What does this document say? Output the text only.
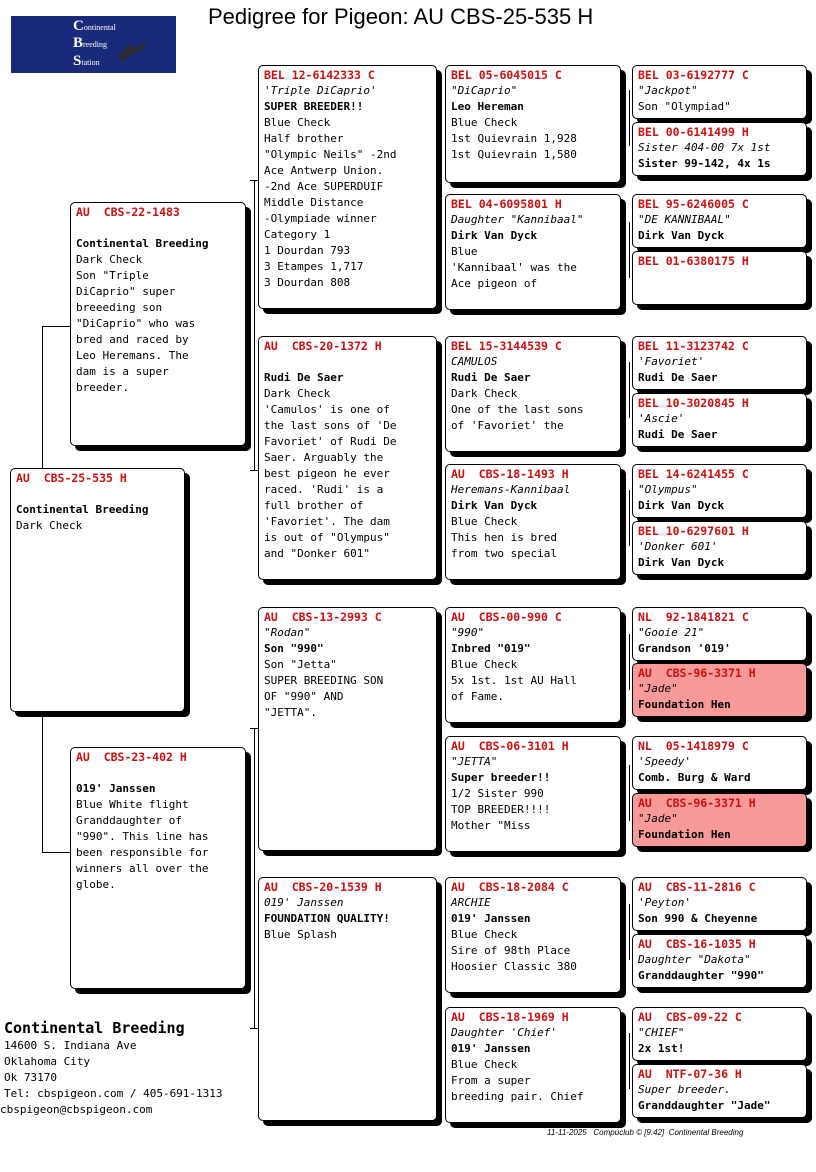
Pedigree for Pigeon: AU CBS-25-535 H
Continental
Breeding
Station
AU  CBS-25-535 H

Continental Breeding
Dark Check
AU  CBS-22-1483

Continental Breeding
Dark Check
Son "Triple
DiCaprio" super
breeeding son
"DiCaprio" who was
bred and raced by
Leo Heremans. The
dam is a super
breeder.
AU  CBS-23-402 H

019' Janssen
Blue White flight
Granddaughter of
"990". This line has
been responsible for
winners all over the
globe.
BEL 12-6142333 C
'Triple DiCaprio'
SUPER BREEDER!!
Blue Check
Half brother
"Olympic Neils" -2nd
Ace Antwerp Union.
-2nd Ace SUPERDUIF
Middle Distance
-Olympiade winner
Category 1
1 Dourdan 793
3 Etampes 1,717
3 Dourdan 808
AU  CBS-20-1372 H

Rudi De Saer
Dark Check
'Camulos' is one of
the last sons of 'De
Favoriet' of Rudi De
Saer. Arguably the
best pigeon he ever
raced. 'Rudi' is a
full brother of
'Favoriet'. The dam
is out of "Olympus"
and "Donker 601"
AU  CBS-13-2993 C
"Rodan"
Son "990"
Son "Jetta"
SUPER BREEDING SON
OF "990" AND
"JETTA".
AU  CBS-20-1539 H
019' Janssen
FOUNDATION QUALITY!
Blue Splash
BEL 05-6045015 C
"DiCaprio"
Leo Hereman
Blue Check
1st Quievrain 1,928
1st Quievrain 1,580
BEL 04-6095801 H
Daughter "Kannibaal"
Dirk Van Dyck
Blue
'Kannibaal' was the
Ace pigeon of
BEL 15-3144539 C
CAMULOS
Rudi De Saer
Dark Check
One of the last sons
of 'Favoriet' the
AU  CBS-18-1493 H
Heremans-Kannibaal
Dirk Van Dyck
Blue Check
This hen is bred
from two special
AU  CBS-00-990 C
"990"
Inbred "019"
Blue Check
5x 1st. 1st AU Hall
of Fame.
AU  CBS-06-3101 H
"JETTA"
Super breeder!!
1/2 Sister 990
TOP BREEDER!!!!
Mother "Miss
AU  CBS-18-2084 C
ARCHIE
019' Janssen
Blue Check
Sire of 98th Place
Hoosier Classic 380
AU  CBS-18-1969 H
Daughter 'Chief'
019' Janssen
Blue Check
From a super
breeding pair. Chief
BEL 03-6192777 C
"Jackpot"
Son "Olympiad"
BEL 00-6141499 H
Sister 404-00 7x 1st
Sister 99-142, 4x 1s
BEL 95-6246005 C
"DE KANNIBAAL"
Dirk Van Dyck
BEL 01-6380175 H
BEL 11-3123742 C
'Favoriet'
Rudi De Saer
BEL 10-3020845 H
'Ascie'
Rudi De Saer
BEL 14-6241455 C
"Olympus"
Dirk Van Dyck
BEL 10-6297601 H
'Donker 601'
Dirk Van Dyck
NL  92-1841821 C
"Gooie 21"
Grandson '019'
AU  CBS-96-3371 H
"Jade"
Foundation Hen
NL  05-1418979 C
'Speedy'
Comb. Burg & Ward
AU  CBS-96-3371 H
"Jade"
Foundation Hen
AU  CBS-11-2816 C
'Peyton'
Son 990 & Cheyenne
AU  CBS-16-1035 H
Daughter "Dakota"
Granddaughter "990"
AU  CBS-09-22 C
"CHIEF"
2x 1st!
AU  NTF-07-36 H
Super breeder.
Granddaughter "Jade"
Continental Breeding
14600 S. Indiana Ave
Oklahoma City
Ok 73170
Tel: cbspigeon.com / 405-691-1313
cbspigeon@cbspigeon.com
11-11-2025   Compuclub © [9.42]  Continental Breeding
